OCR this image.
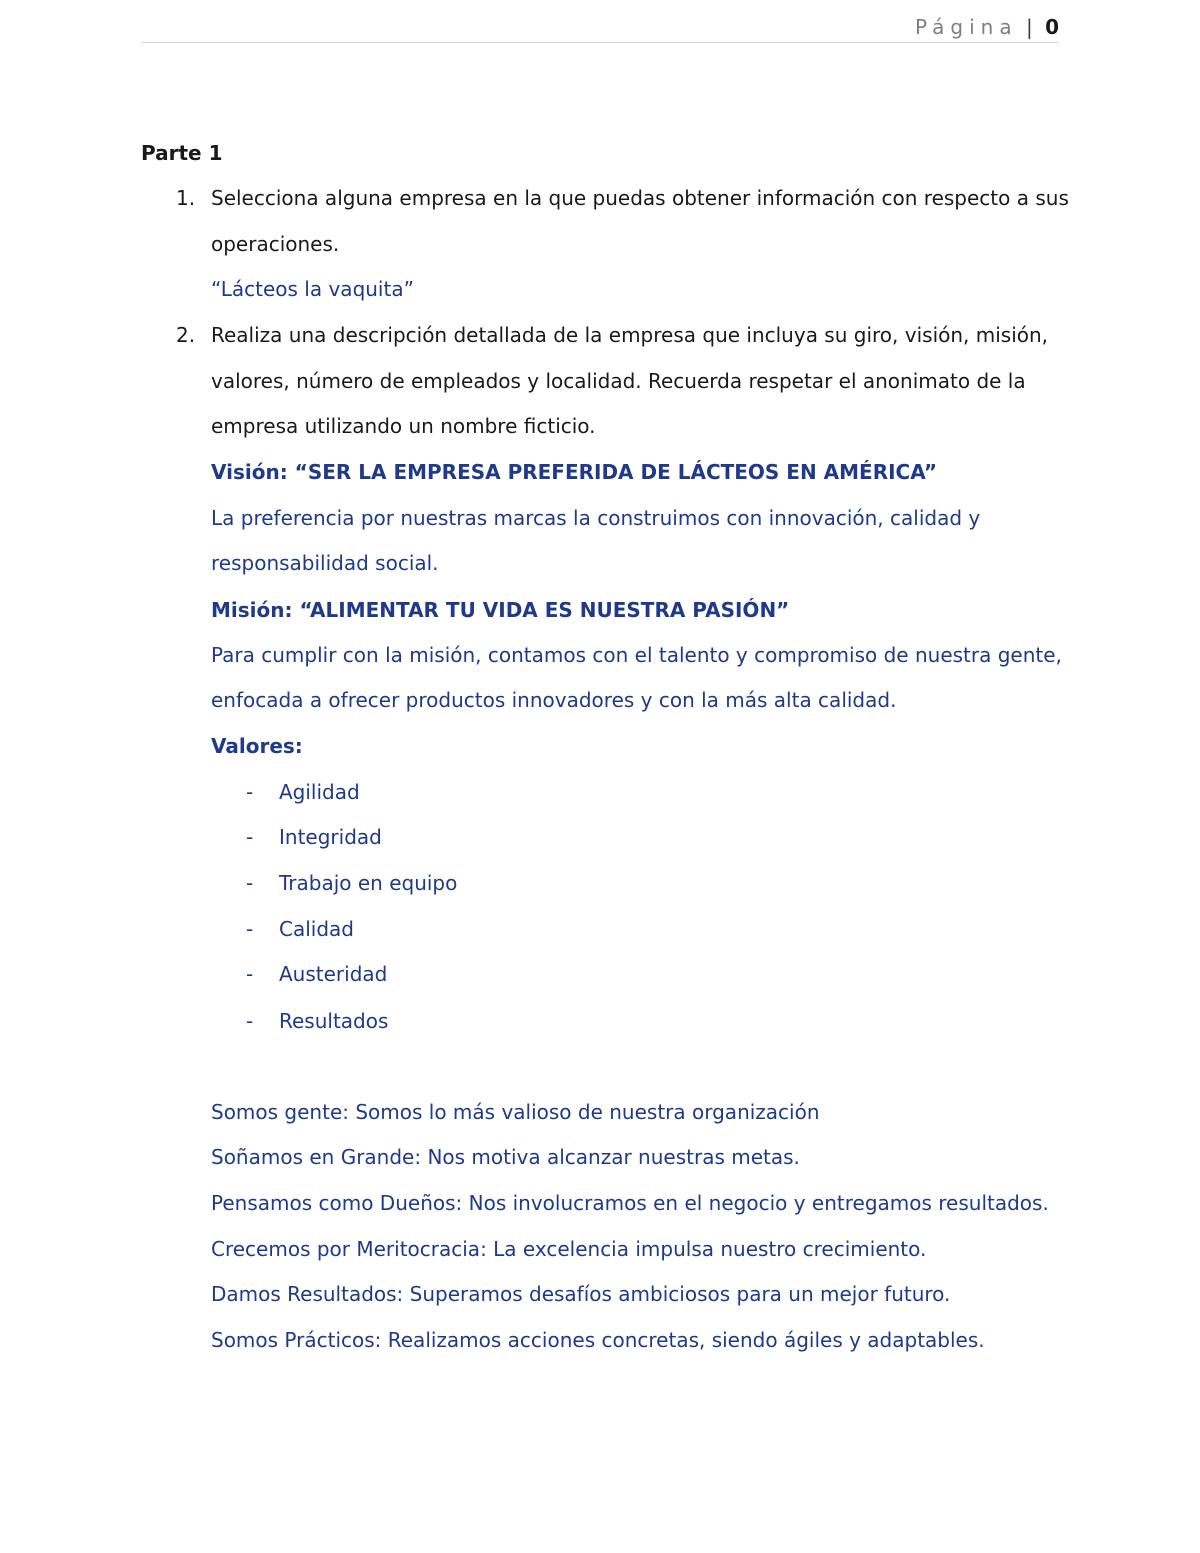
Página | 0
Parte 1
1. Selecciona alguna empresa en la que puedas obtener información con respecto a sus
operaciones.
“Lácteos la vaquita”
2. Realiza una descripción detallada de la empresa que incluya su giro, visión, misión,
valores, número de empleados y localidad. Recuerda respetar el anonimato de la
empresa utilizando un nombre ficticio.
Visión: “SER LA EMPRESA PREFERIDA DE LÁCTEOS EN AMÉRICA”
La preferencia por nuestras marcas la construimos con innovación, calidad y
responsabilidad social.
Misión: “ALIMENTAR TU VIDA ES NUESTRA PASIÓN”
Para cumplir con la misión, contamos con el talento y compromiso de nuestra gente,
enfocada a ofrecer productos innovadores y con la más alta calidad.
Valores:
- Agilidad
- Integridad
- Trabajo en equipo
- Calidad
- Austeridad
- Resultados
Somos gente: Somos lo más valioso de nuestra organización
Soñamos en Grande: Nos motiva alcanzar nuestras metas.
Pensamos como Dueños: Nos involucramos en el negocio y entregamos resultados.
Crecemos por Meritocracia: La excelencia impulsa nuestro crecimiento.
Damos Resultados: Superamos desafíos ambiciosos para un mejor futuro.
Somos Prácticos: Realizamos acciones concretas, siendo ágiles y adaptables.
